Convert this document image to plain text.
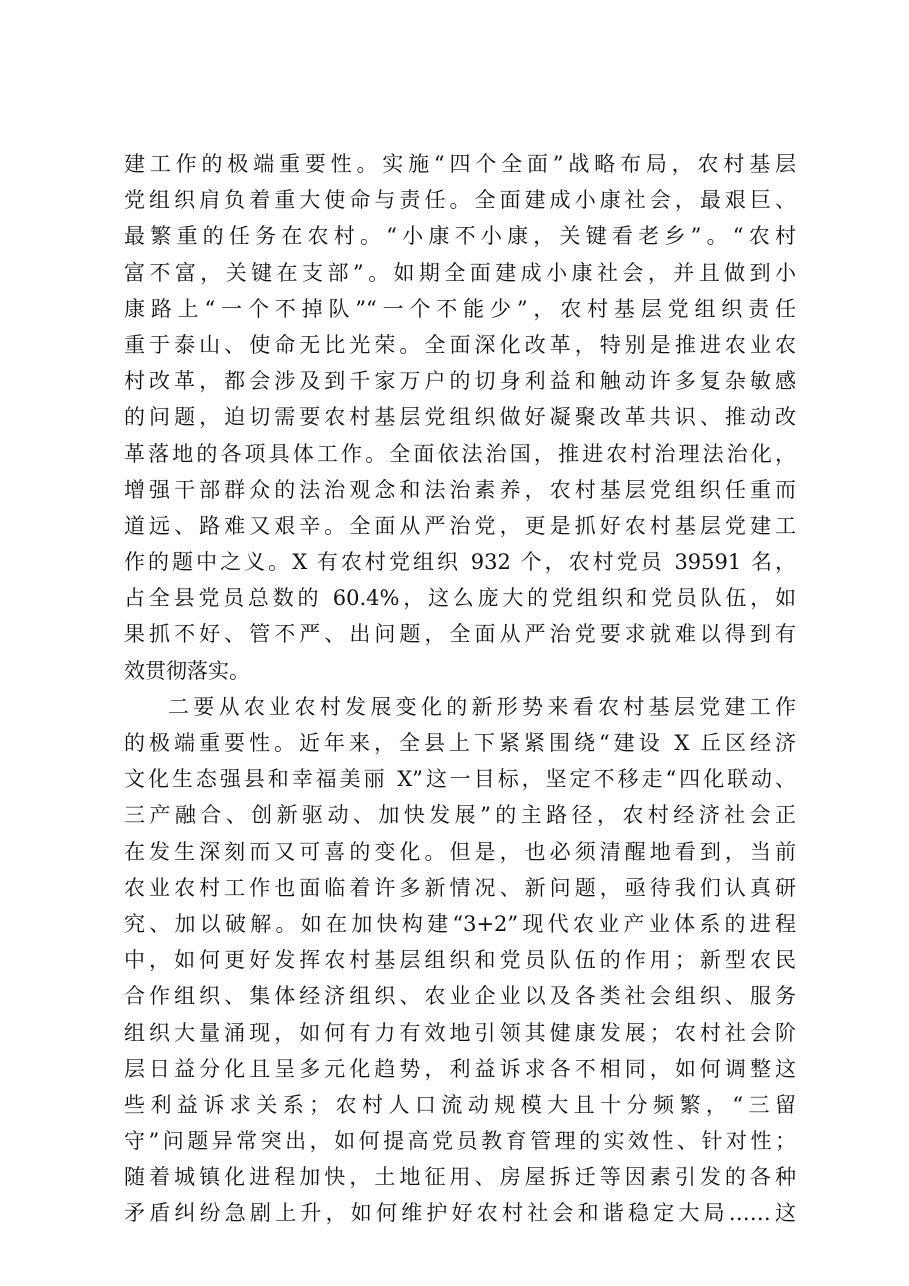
建工作的极端重要性。实施“四个全面”战略布局，农村基层
党组织肩负着重大使命与责任。全面建成小康社会，最艰巨、
最繁重的任务在农村。“小康不小康，关键看老乡”。“农村
富不富，关键在支部”。如期全面建成小康社会，并且做到小
康路上“一个不掉队”“一个不能少”，农村基层党组织责任
重于泰山、使命无比光荣。全面深化改革，特别是推进农业农
村改革，都会涉及到千家万户的切身利益和触动许多复杂敏感
的问题，迫切需要农村基层党组织做好凝聚改革共识、推动改
革落地的各项具体工作。全面依法治国，推进农村治理法治化，
增强干部群众的法治观念和法治素养，农村基层党组织任重而
道远、路难又艰辛。全面从严治党，更是抓好农村基层党建工
作的题中之义。X 有农村党组织 932 个，农村党员 39591 名，
占全县党员总数的 60.4%，这么庞大的党组织和党员队伍，如
果抓不好、管不严、出问题，全面从严治党要求就难以得到有
效贯彻落实。
二要从农业农村发展变化的新形势来看农村基层党建工作
的极端重要性。近年来，全县上下紧紧围绕“建设 X 丘区经济
文化生态强县和幸福美丽 X”这一目标，坚定不移走“四化联动、
三产融合、创新驱动、加快发展”的主路径，农村经济社会正
在发生深刻而又可喜的变化。但是，也必须清醒地看到，当前
农业农村工作也面临着许多新情况、新问题，亟待我们认真研
究、加以破解。如在加快构建“3+2”现代农业产业体系的进程
中，如何更好发挥农村基层组织和党员队伍的作用；新型农民
合作组织、集体经济组织、农业企业以及各类社会组织、服务
组织大量涌现，如何有力有效地引领其健康发展；农村社会阶
层日益分化且呈多元化趋势，利益诉求各不相同，如何调整这
些利益诉求关系；农村人口流动规模大且十分频繁，“三留
守”问题异常突出，如何提高党员教育管理的实效性、针对性；
随着城镇化进程加快，土地征用、房屋拆迁等因素引发的各种
矛盾纠纷急剧上升，如何维护好农村社会和谐稳定大局……这
